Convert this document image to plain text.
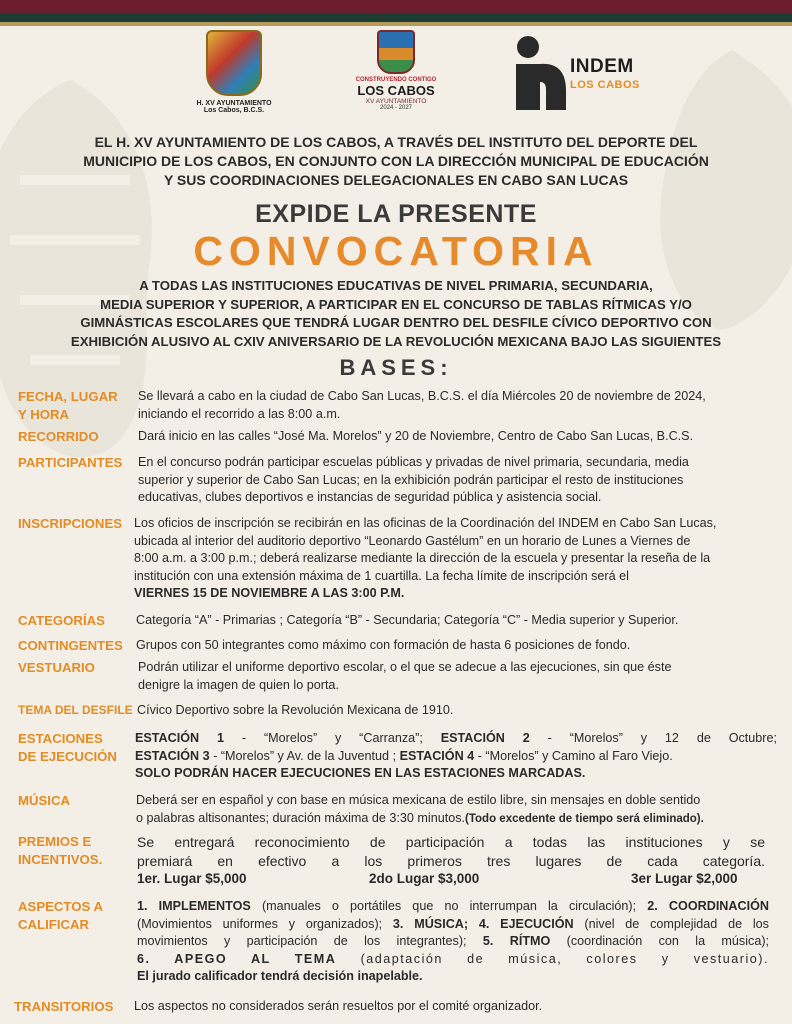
H. XV AYUNTAMIENTO
Los Cabos, B.C.S.
CONSTRUYENDO CONTIGO
LOS CABOS
XV AYUNTAMIENTO
2024 - 2027
INDEM
LOS CABOS
EL H. XV AYUNTAMIENTO DE LOS CABOS, A TRAVÉS DEL INSTITUTO DEL DEPORTE DEL
MUNICIPIO DE LOS CABOS, EN CONJUNTO CON LA DIRECCIÓN MUNICIPAL DE EDUCACIÓN
Y SUS COORDINACIONES DELEGACIONALES EN CABO SAN LUCAS
EXPIDE LA PRESENTE
CONVOCATORIA
A TODAS LAS INSTITUCIONES EDUCATIVAS DE NIVEL PRIMARIA, SECUNDARIA,
MEDIA SUPERIOR Y SUPERIOR, A PARTICIPAR EN EL CONCURSO DE TABLAS RÍTMICAS Y/O
GIMNÁSTICAS ESCOLARES QUE TENDRÁ LUGAR DENTRO DEL DESFILE CÍVICO DEPORTIVO CON
EXHIBICIÓN ALUSIVO AL CXIV ANIVERSARIO DE LA REVOLUCIÓN MEXICANA BAJO LAS SIGUIENTES
BASES:
FECHA, LUGAR
Y HORA
Se llevará a cabo en la ciudad de Cabo San Lucas, B.C.S. el día Miércoles 20 de noviembre de 2024,
iniciando el recorrido a las 8:00 a.m.
RECORRIDO	Dará inicio en las calles “José Ma. Morelos” y 20 de Noviembre, Centro de Cabo San Lucas, B.C.S.
PARTICIPANTES En el concurso podrán participar escuelas públicas y privadas de nivel primaria, secundaria, media
superior y superior de Cabo San Lucas; en la exhibición podrán participar el resto de instituciones
educativas, clubes deportivos e instancias de seguridad pública y asistencia social.
INSCRIPCIONES Los oficios de inscripción se recibirán en las oficinas de la Coordinación del INDEM en Cabo San Lucas,
ubicada al interior del auditorio deportivo “Leonardo Gastélum” en un horario de Lunes a Viernes de
8:00 a.m. a 3:00 p.m.; deberá realizarse mediante la dirección de la escuela y presentar la reseña de la
institución con una extensión máxima de 1 cuartilla. La fecha límite de inscripción será el
VIERNES 15 DE NOVIEMBRE A LAS 3:00 P.M.
CATEGORÍAS Categoría “A” - Primarias ; Categoría “B” - Secundaria; Categoría “C” - Media superior y Superior.
CONTINGENTES Grupos con 50 integrantes como máximo con formación de hasta 6 posiciones de fondo.
VESTUARIO	Podrán utilizar el uniforme deportivo escolar, o el que se adecue a las ejecuciones, sin que éste
denigre la imagen de quien lo porta.
TEMA DEL DESFILE Cívico Deportivo sobre la Revolución Mexicana de 1910.
ESTACIONES
DE EJECUCIÓN
ESTACIÓN 1 - “Morelos” y “Carranza”; ESTACIÓN 2 - “Morelos” y 12 de Octubre;
ESTACIÓN 3 - “Morelos” y Av. de la Juventud ; ESTACIÓN 4 - “Morelos” y Camino al Faro Viejo.
SOLO PODRÁN HACER EJECUCIONES EN LAS ESTACIONES MARCADAS.
MÚSICA	Deberá ser en español y con base en música mexicana de estilo libre, sin mensajes en doble sentido
o palabras altisonantes; duración máxima de 3:30 minutos.(Todo excedente de tiempo será eliminado).
PREMIOS E
INCENTIVOS.
Se entregará reconocimiento de participación a todas las instituciones y se
premiará en efectivo a los primeros tres lugares de cada categoría.
1er. Lugar $5,000	2do Lugar $3,000	3er Lugar $2,000
ASPECTOS A
CALIFICAR
1. IMPLEMENTOS (manuales o portátiles que no interrumpan la circulación); 2. COORDINACIÓN
(Movimientos uniformes y organizados); 3. MÚSICA; 4. EJECUCIÓN (nivel de complejidad de los
movimientos y participación de los integrantes); 5. RÍTMO (coordinación con la música);
6. APEGO AL TEMA (adaptación de música, colores y vestuario).
El jurado calificador tendrá decisión inapelable.
TRANSITORIOS Los aspectos no considerados serán resueltos por el comité organizador.
